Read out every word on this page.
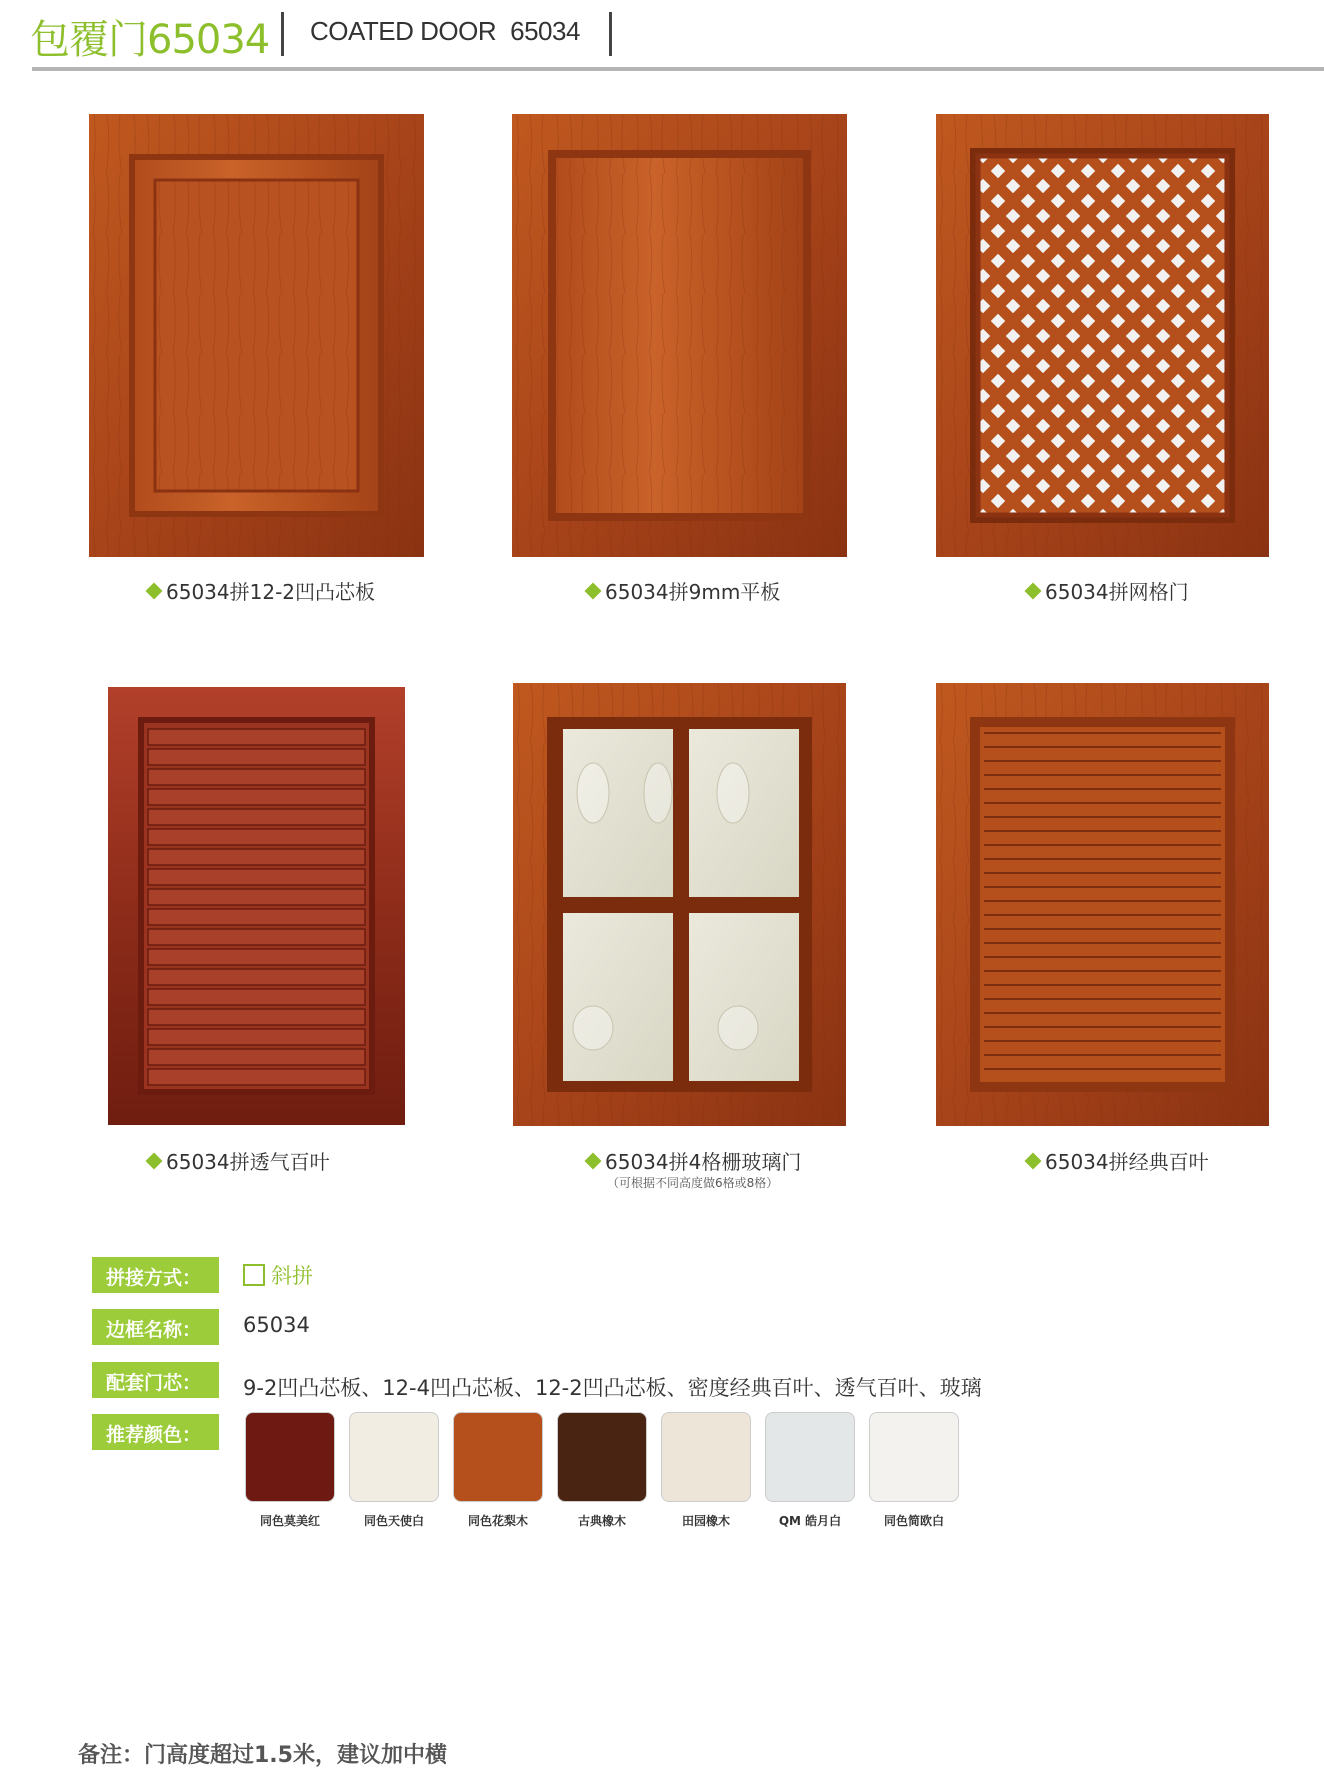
包覆门65034 COATED DOOR 65034
65034拼12-2凹凸芯板	65034拼9mm平板	65034拼网格门
65034拼透气百叶	65034拼4格栅玻璃门
（可根据不同高度做6格或8格）
65034拼经典百叶
拼接方式：	斜拼
边框名称：	65034
配套门芯：	9-2凹凸芯板、12-4凹凸芯板、12-2凹凸芯板、密度经典百叶、透气百叶、玻璃
推荐颜色：
同色莫美红	同色天使白	同色花梨木	古典橡木	田园橡木	QM 皓月白	同色简欧白
备注：门高度超过1.5米，建议加中横
